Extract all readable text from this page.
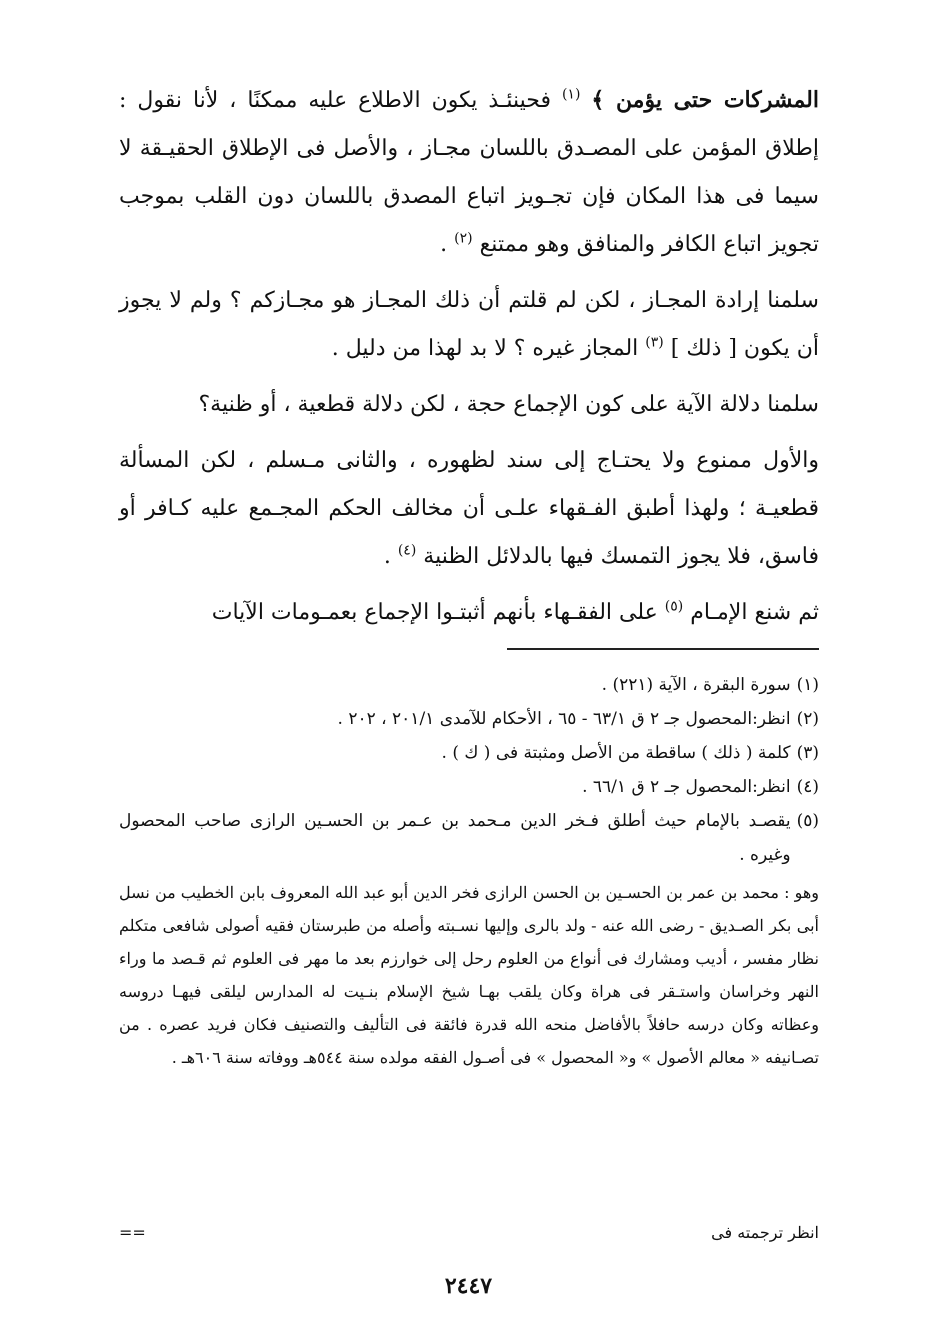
المشركات حتى يؤمن ﴾ $^{(١)}$ فحينئـذ يكون الاطلاع عليه ممكنًا ، لأنا نقول : إطلاق المؤمن على المصـدق باللسان مجـاز ، والأصل فى الإطلاق الحقيـقة لا سيما فى هذا المكان فإن تجـويز اتباع المصدق باللسان دون القلب بموجب تجويز اتباع الكافر والمنافق وهو ممتنع $^{(٢)}$ .

سلمنا إرادة المجـاز ، لكن لم قلتم أن ذلك المجـاز هو مجـازكم ؟ ولم لا يجوز أن يكون [ ذلك ] $^{(٣)}$ المجاز غيره ؟ لا بد لهذا من دليل .

سلمنا دلالة الآية على كون الإجماع حجة ، لكن دلالة قطعية ، أو ظنية؟

والأول ممنوع ولا يحتـاج إلى سند لظهوره ، والثانى مـسلم ، لكن المسألة قطعيـة ؛ ولهذا أطبق الفـقهاء علـى أن مخالف الحكم المجـمع عليه كـافر أو فاسق، فلا يجوز التمسك فيها بالدلائل الظنية $^{(٤)}$ .

ثم شنع الإمـام $^{(٥)}$ على الفقـهاء بأنهم أثبتـوا الإجماع بعمـومات الآيات

(١)
سورة البقرة ، الآية (٢٢١) .
(٢)
انظر:المحصول جـ ٢ ق ٦٣/١ - ٦٥ ، الأحكام للآمدى ٢٠١/١ ، ٢٠٢ .
(٣)
كلمة ( ذلك ) ساقطة من الأصل ومثبتة فى ( ك ) .
(٤)
انظر:المحصول جـ ٢ ق ٦٦/١ .
(٥)
يقصـد بالإمام حيث أطلق فـخر الدين مـحمد بن عـمر بن الحسـين الرازى صاحب المحصول وغيره .
وهو : محمد بن عمر بن الحسـين بن الحسن الرازى فخر الدين أبو عبد الله المعروف بابن الخطيب من نسل أبى بكر الصـديق - رضى الله عنه - ولد بالرى وإليها نسـبته وأصله من طبرستان فقيه أصولى شافعى متكلم نظار مفسر ، أديب ومشارك فى أنواع من العلوم رحل إلى خوارزم بعد ما مهر فى العلوم ثم قـصد ما وراء النهر وخراسان واستـقر فى هراة وكان يلقب بهـا شيخ الإسلام بنـيت له المدارس ليلقى فيهـا دروسه وعظاته وكان درسه حافلاً بالأفاضل منحه الله قدرة فائقة فى التأليف والتصنيف فكان فريد عصره . من تصـانيفه « معالم الأصول » و« المحصول » فى أصـول الفقه مولده سنة ٥٤٤هـ ووفاته سنة ٦٠٦هـ .
انظر ترجمته فى
==
٢٤٤٧
